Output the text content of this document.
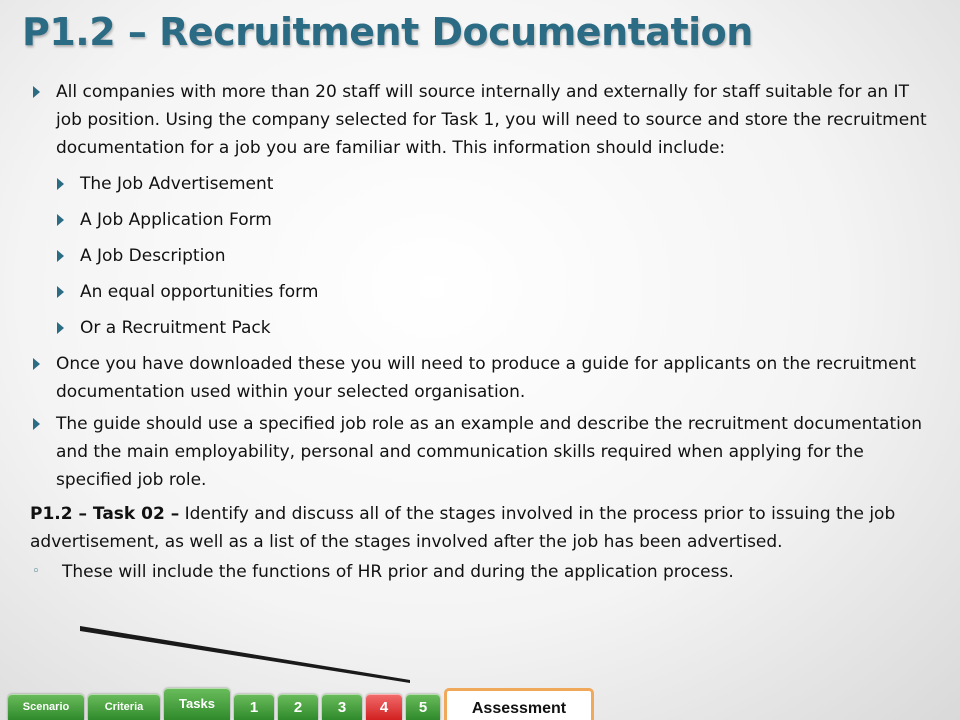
P1.2 – Recruitment Documentation
All companies with more than 20 staff will source internally and externally for staff suitable for an IT job position. Using the company selected for Task 1, you will need to source and store the recruitment documentation for a job you are familiar with. This information should include:
The Job Advertisement
A Job Application Form
A Job Description
An equal opportunities form
Or a Recruitment Pack
Once you have downloaded these you will need to produce a guide for applicants on the recruitment documentation used within your selected organisation.
The guide should use a specified job role as an example and describe the recruitment documentation and the main employability, personal and communication skills required when applying for the specified job role.
P1.2 – Task 02 – Identify and discuss all of the stages involved in the process prior to issuing the job advertisement, as well as a list of the stages involved after the job has been advertised.
◦ These will include the functions of HR prior and during the application process.
Scenario	Criteria	Tasks	1	2	3	4	5	Assessment
